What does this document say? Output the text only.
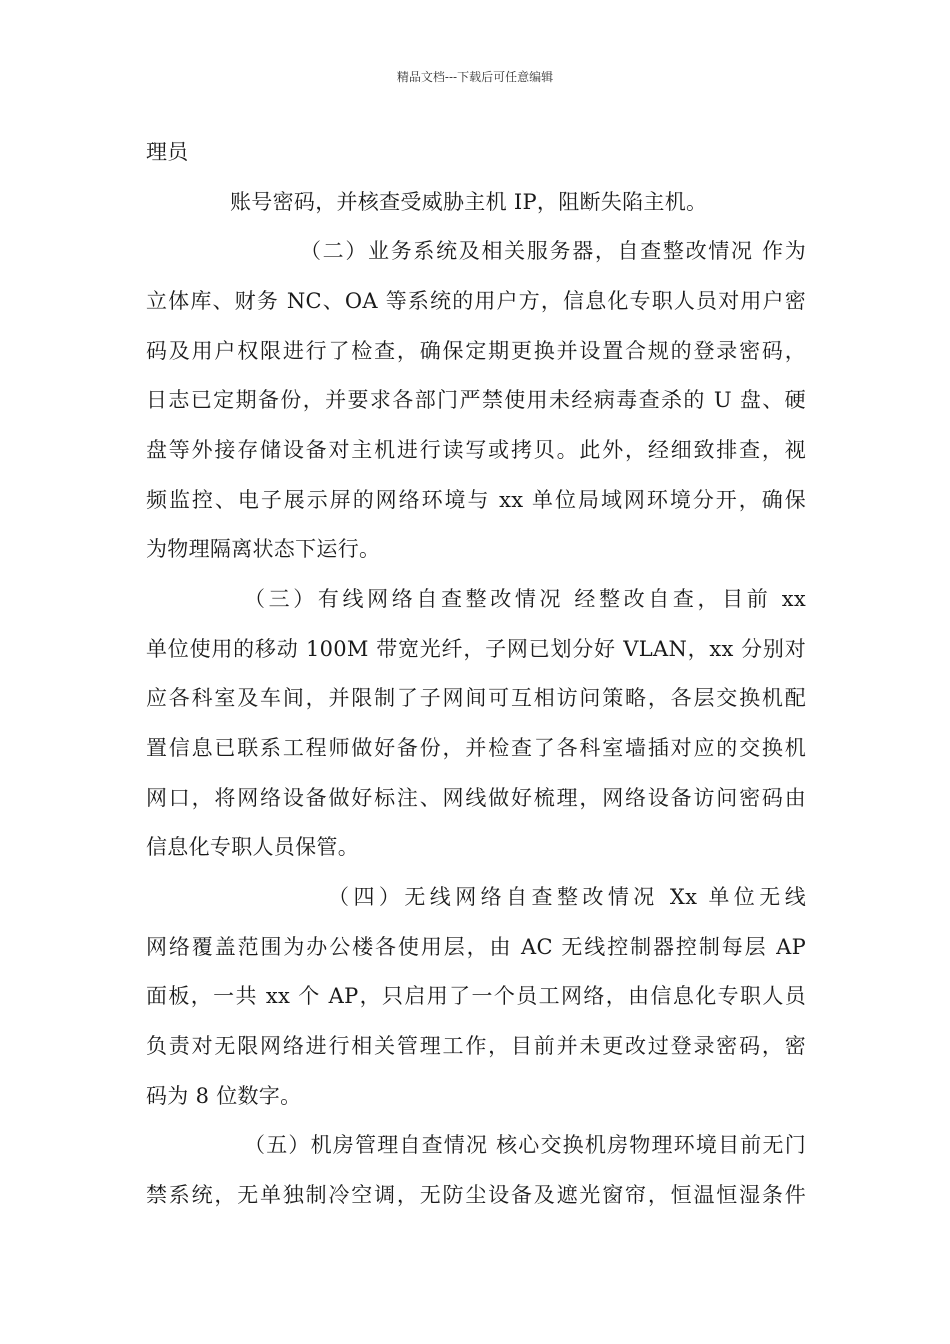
精品文档---下载后可任意编辑
理员
账号密码，并核查受威胁主机 IP，阻断失陷主机。
（二）业务系统及相关服务器，自查整改情况 作为
立体库、财务 NC、OA 等系统的用户方，信息化专职人员对用户密
码及用户权限进行了检查，确保定期更换并设置合规的登录密码，
日志已定期备份，并要求各部门严禁使用未经病毒查杀的 U 盘、硬
盘等外接存储设备对主机进行读写或拷贝。此外，经细致排查，视
频监控、电子展示屏的网络环境与 xx 单位局域网环境分开，确保
为物理隔离状态下运行。
（三）有线网络自查整改情况 经整改自查，目前 xx
单位使用的移动 100M 带宽光纤，子网已划分好 VLAN，xx 分别对
应各科室及车间，并限制了子网间可互相访问策略，各层交换机配
置信息已联系工程师做好备份，并检查了各科室墙插对应的交换机
网口，将网络设备做好标注、网线做好梳理，网络设备访问密码由
信息化专职人员保管。
（四）无线网络自查整改情况 Xx 单位无线
网络覆盖范围为办公楼各使用层，由 AC 无线控制器控制每层 AP
面板，一共 xx 个 AP，只启用了一个员工网络，由信息化专职人员
负责对无限网络进行相关管理工作，目前并未更改过登录密码，密
码为 8 位数字。
（五）机房管理自查情况 核心交换机房物理环境目前无门
禁系统，无单独制冷空调，无防尘设备及遮光窗帘，恒温恒湿条件
